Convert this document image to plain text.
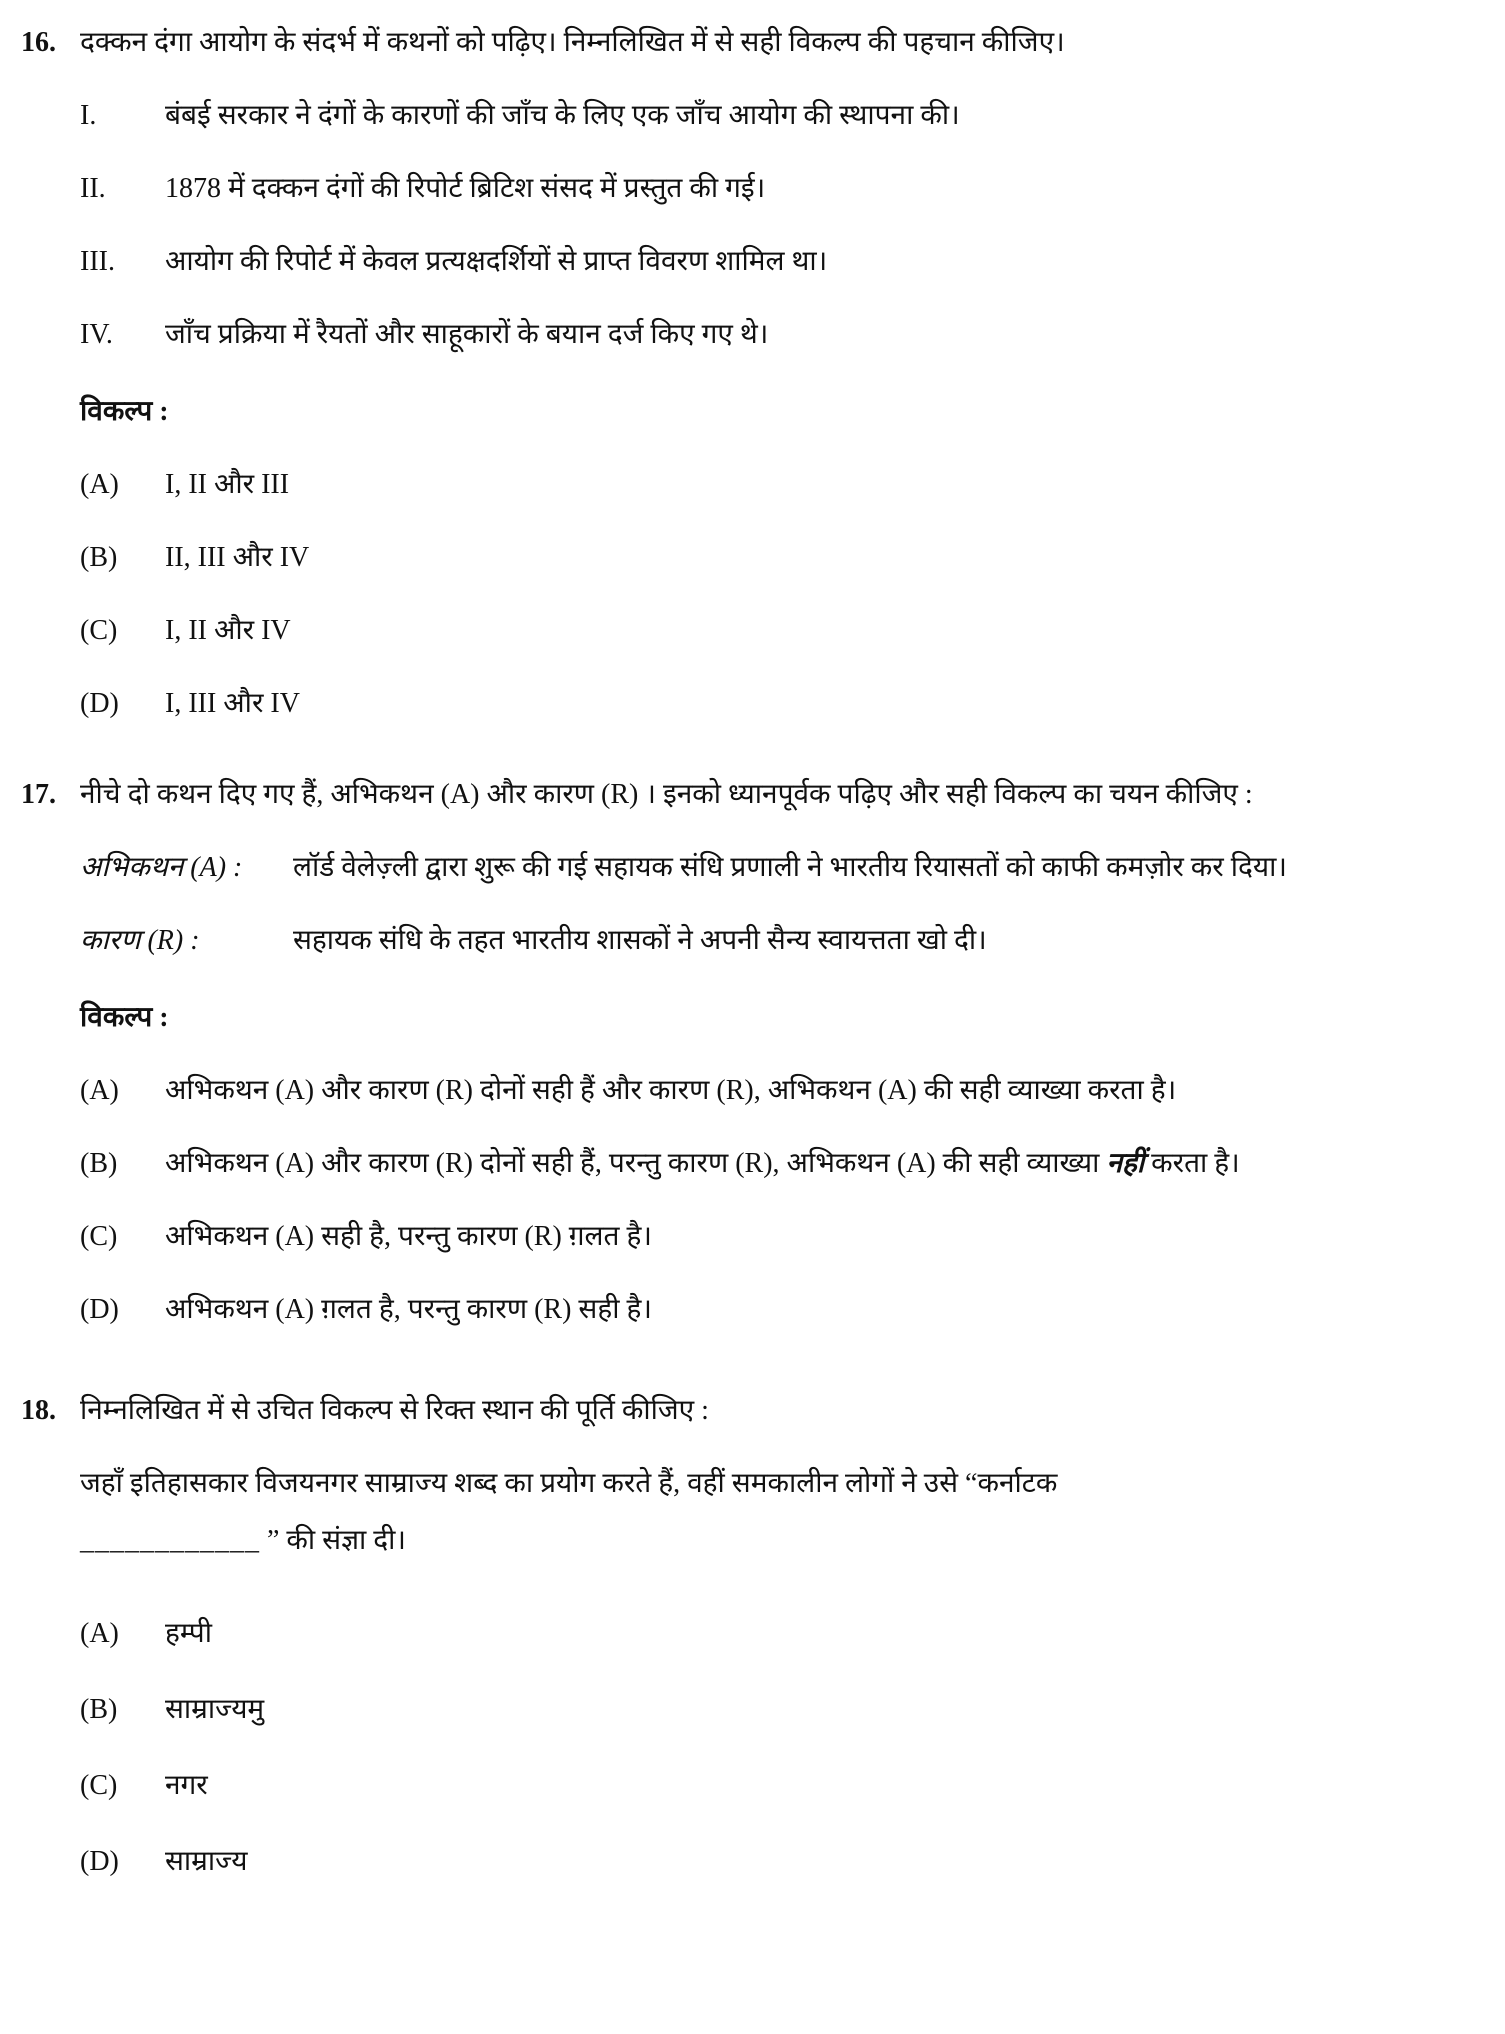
16. दक्कन दंगा आयोग के संदर्भ में कथनों को पढ़िए। निम्नलिखित में से सही विकल्प की पहचान कीजिए।

I.	बंबई सरकार ने दंगों के कारणों की जाँच के लिए एक जाँच आयोग की स्थापना की।
II.	1878 में दक्कन दंगों की रिपोर्ट ब्रिटिश संसद में प्रस्तुत की गई।
III.	आयोग की रिपोर्ट में केवल प्रत्यक्षदर्शियों से प्राप्त विवरण शामिल था।
IV.	जाँच प्रक्रिया में रैयतों और साहूकारों के बयान दर्ज किए गए थे।
विकल्प :
(A)	I, II और III
(B)	II, III और IV
(C)	I, II और IV
(D)	I, III और IV
17. नीचे दो कथन दिए गए हैं, अभिकथन (A) और कारण (R) । इनको ध्यानपूर्वक पढ़िए और सही विकल्प का चयन कीजिए :

अभिकथन (A) :	लॉर्ड वेलेज़्ली द्वारा शुरू की गई सहायक संधि प्रणाली ने भारतीय रियासतों को काफी कमज़ोर कर दिया।
कारण (R) :	सहायक संधि के तहत भारतीय शासकों ने अपनी सैन्य स्वायत्तता खो दी।
विकल्प :
(A)	अभिकथन (A) और कारण (R) दोनों सही हैं और कारण (R), अभिकथन (A) की सही व्याख्या करता है।
(B)	अभिकथन (A) और कारण (R) दोनों सही हैं, परन्तु कारण (R), अभिकथन (A) की सही व्याख्या नहीं करता है।
(C)	अभिकथन (A) सही है, परन्तु कारण (R) ग़लत है।
(D)	अभिकथन (A) ग़लत है, परन्तु कारण (R) सही है।
18. निम्नलिखित में से उचित विकल्प से रिक्त स्थान की पूर्ति कीजिए :

जहाँ इतिहासकार विजयनगर साम्राज्य शब्द का प्रयोग करते हैं, वहीं समकालीन लोगों ने उसे “कर्नाटक
____________ ” की संज्ञा दी।

(A)	हम्पी
(B)	साम्राज्यमु
(C)	नगर
(D)	साम्राज्य
